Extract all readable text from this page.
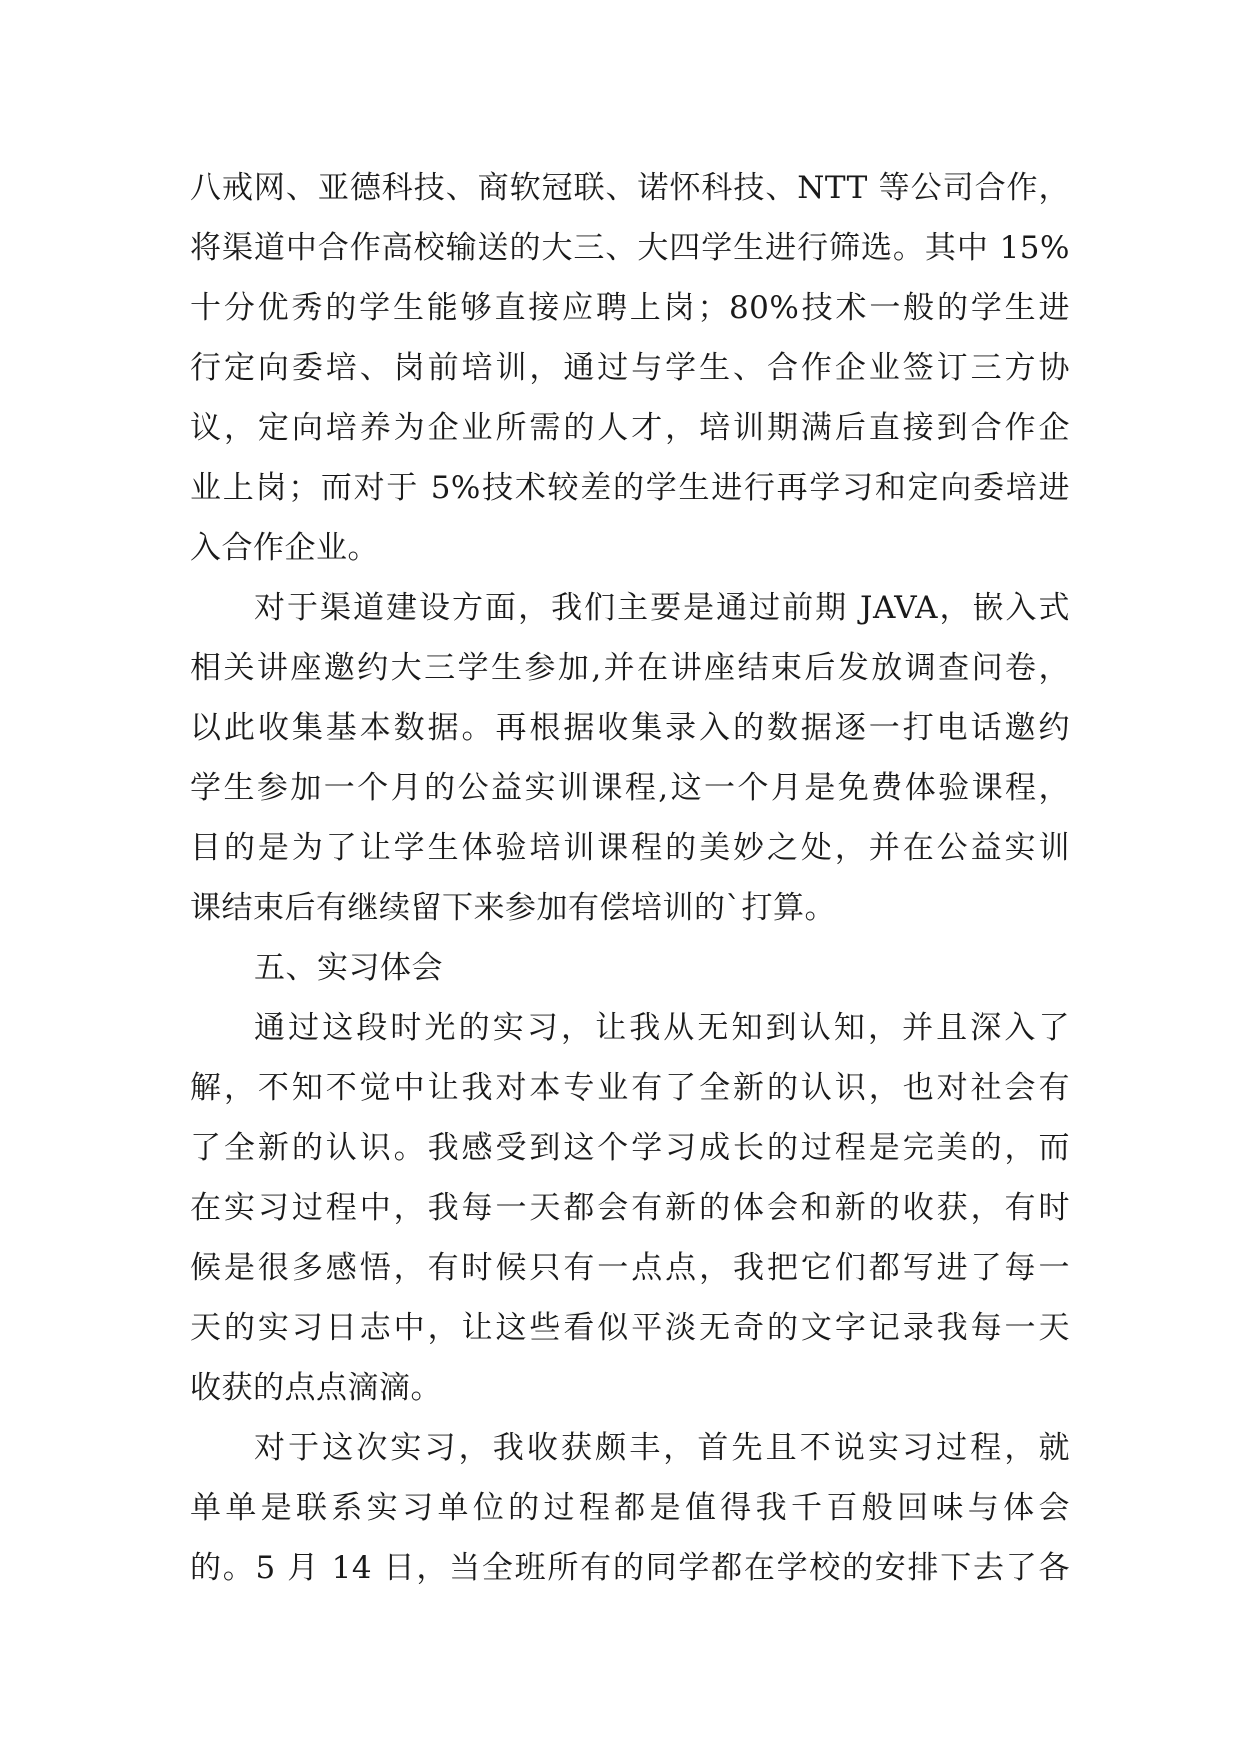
八戒网、亚德科技、商软冠联、诺怀科技、NTT 等公司合作，
将渠道中合作高校输送的大三、大四学生进行筛选。其中 15%
十分优秀的学生能够直接应聘上岗；80%技术一般的学生进
行定向委培、岗前培训，通过与学生、合作企业签订三方协
议，定向培养为企业所需的人才，培训期满后直接到合作企
业上岗；而对于 5%技术较差的学生进行再学习和定向委培进
入合作企业。
对于渠道建设方面，我们主要是通过前期 JAVA，嵌入式
相关讲座邀约大三学生参加,并在讲座结束后发放调查问卷，
以此收集基本数据。再根据收集录入的数据逐一打电话邀约
学生参加一个月的公益实训课程,这一个月是免费体验课程，
目的是为了让学生体验培训课程的美妙之处，并在公益实训
课结束后有继续留下来参加有偿培训的`打算。
五、实习体会
通过这段时光的实习，让我从无知到认知，并且深入了
解，不知不觉中让我对本专业有了全新的认识，也对社会有
了全新的认识。我感受到这个学习成长的过程是完美的，而
在实习过程中，我每一天都会有新的体会和新的收获，有时
候是很多感悟，有时候只有一点点，我把它们都写进了每一
天的实习日志中，让这些看似平淡无奇的文字记录我每一天
收获的点点滴滴。
对于这次实习，我收获颇丰，首先且不说实习过程，就
单单是联系实习单位的过程都是值得我千百般回味与体会
的。5 月 14 日，当全班所有的同学都在学校的安排下去了各
